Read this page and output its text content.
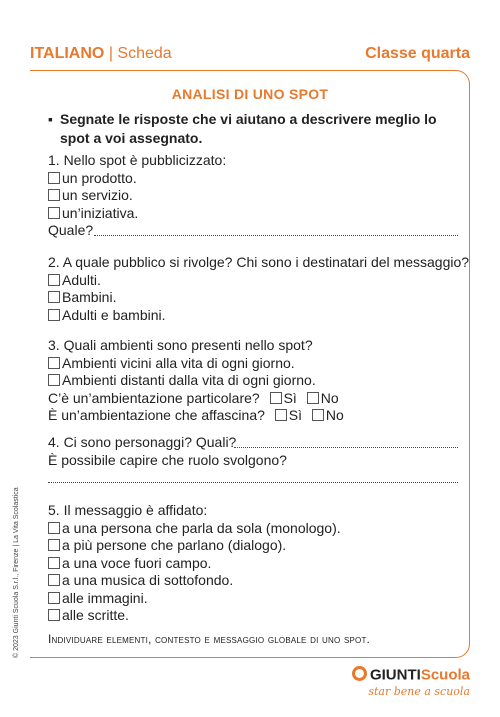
ITALIANO | Scheda	Classe quarta
ANALISI DI UNO SPOT
▪ Segnate le risposte che vi aiutano a descrivere meglio lo spot a voi assegnato.
1. Nello spot è pubblicizzato:
un prodotto.
un servizio.
un’iniziativa.
Quale?
2. A quale pubblico si rivolge? Chi sono i destinatari del messaggio?
Adulti.
Bambini.
Adulti e bambini.
3. Quali ambienti sono presenti nello spot?
Ambienti vicini alla vita di ogni giorno.
Ambienti distanti dalla vita di ogni giorno.
C’è un’ambientazione particolare? Sì No
È un’ambientazione che affascina? Sì No
4. Ci sono personaggi? Quali?
È possibile capire che ruolo svolgono?
5. Il messaggio è affidato:
a una persona che parla da sola (monologo).
a più persone che parlano (dialogo).
a una voce fuori campo.
a una musica di sottofondo.
alle immagini.
alle scritte.
Individuare elementi, contesto e messaggio globale di uno spot.
© 2023 Giunti Scuola S.r.l., Firenze | La Vita Scolastica
GIUNTIScuola
star bene a scuola
